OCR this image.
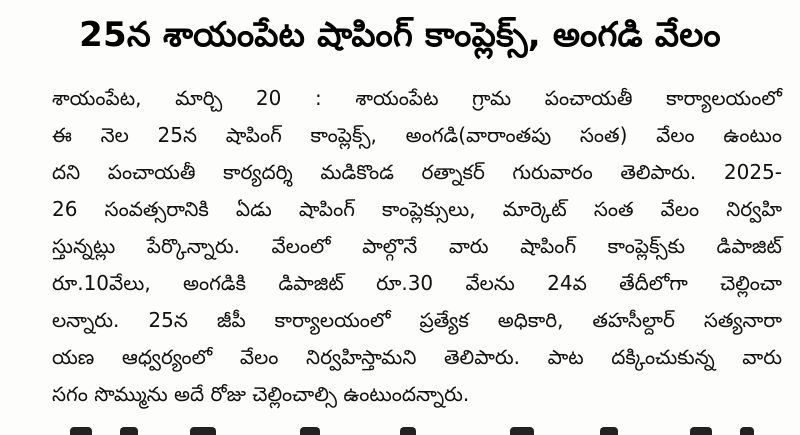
25న శాయంపేట షాపింగ్ కాంప్లెక్స్, అంగడి వేలం
శాయంపేట, మార్చి 20 : శాయంపేట గ్రామ పంచాయతీ కార్యాలయంలో
ఈ నెల 25న షాపింగ్ కాంప్లెక్స్, అంగడి(వారాంతపు సంత) వేలం ఉంటుం
దని పంచాయతీ కార్యదర్శి మడికొండ రత్నాకర్ గురువారం తెలిపారు. 2025-
26 సంవత్సరానికి ఏడు షాపింగ్ కాంప్లెక్సులు, మార్కెట్ సంత వేలం నిర్వహి
స్తున్నట్లు పేర్కొన్నారు. వేలంలో పాల్గొనే వారు షాపింగ్ కాంప్లెక్స్‌కు డిపాజిట్
రూ.10వేలు, అంగడికి డిపాజిట్ రూ.30 వేలను 24వ తేదీలోగా చెల్లించా
లన్నారు. 25న జీపీ కార్యాలయంలో ప్రత్యేక అధికారి, తహసీల్దార్ సత్యనారా
యణ ఆధ్వర్యంలో వేలం నిర్వహిస్తామని తెలిపారు. పాట దక్కించుకున్న వారు
సగం సొమ్మును అదే రోజు చెల్లించాల్సి ఉంటుందన్నారు.
